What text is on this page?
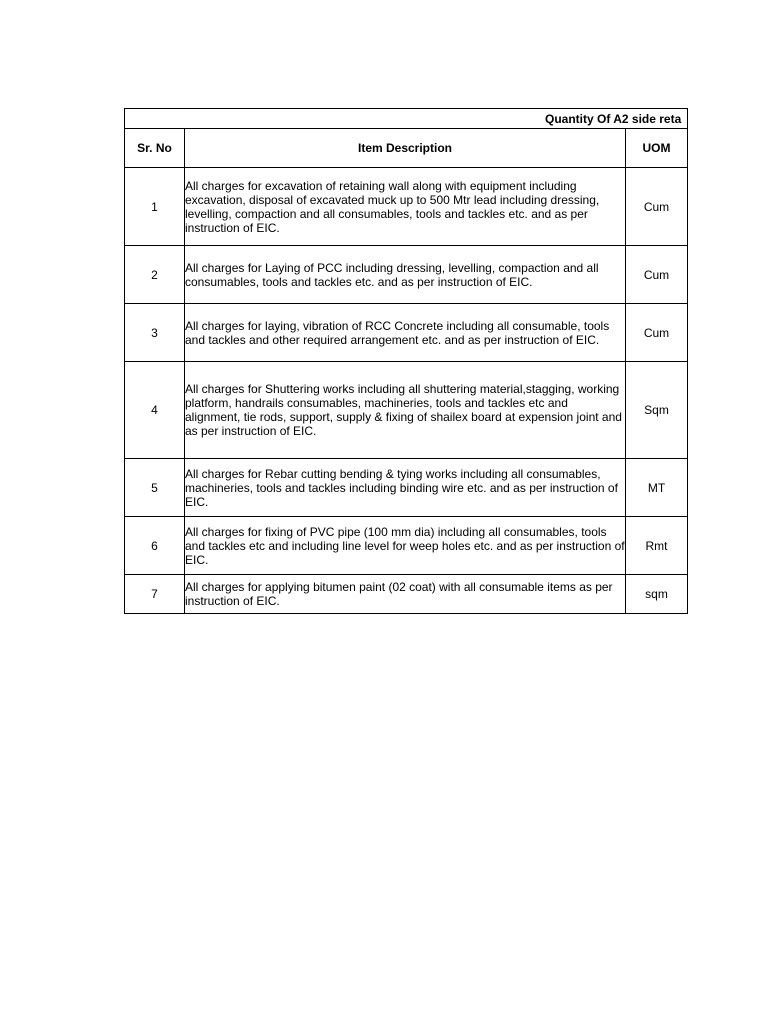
Quantity Of A2 side reta		

Sr. No	Item Description	UOM
1	All charges for excavation of retaining wall along with equipment including excavation, disposal of excavated muck up to 500 Mtr lead including dressing, levelling, compaction and all consumables, tools and tackles etc. and as per instruction of EIC.	Cum
2	All charges for Laying of PCC including dressing, levelling, compaction and all consumables, tools and tackles etc. and as per instruction of EIC.	Cum
3	All charges for laying, vibration of RCC Concrete including all consumable, tools and tackles and other required arrangement etc. and as per instruction of EIC.	Cum
4	All charges for Shuttering works including all shuttering material,stagging, working platform, handrails consumables, machineries, tools and tackles etc and alignment, tie rods, support, supply & fixing of shailex board at expension joint and as per instruction of EIC.	Sqm
5	All charges for Rebar cutting bending & tying works including all consumables, machineries, tools and tackles including binding wire etc. and as per instruction of EIC.	MT
6	All charges for fixing of PVC pipe (100 mm dia) including all consumables, tools and tackles etc and including line level for weep holes etc. and as per instruction of EIC.	Rmt
7	All charges for applying bitumen paint (02 coat) with all consumable items as per instruction of EIC.	sqm
